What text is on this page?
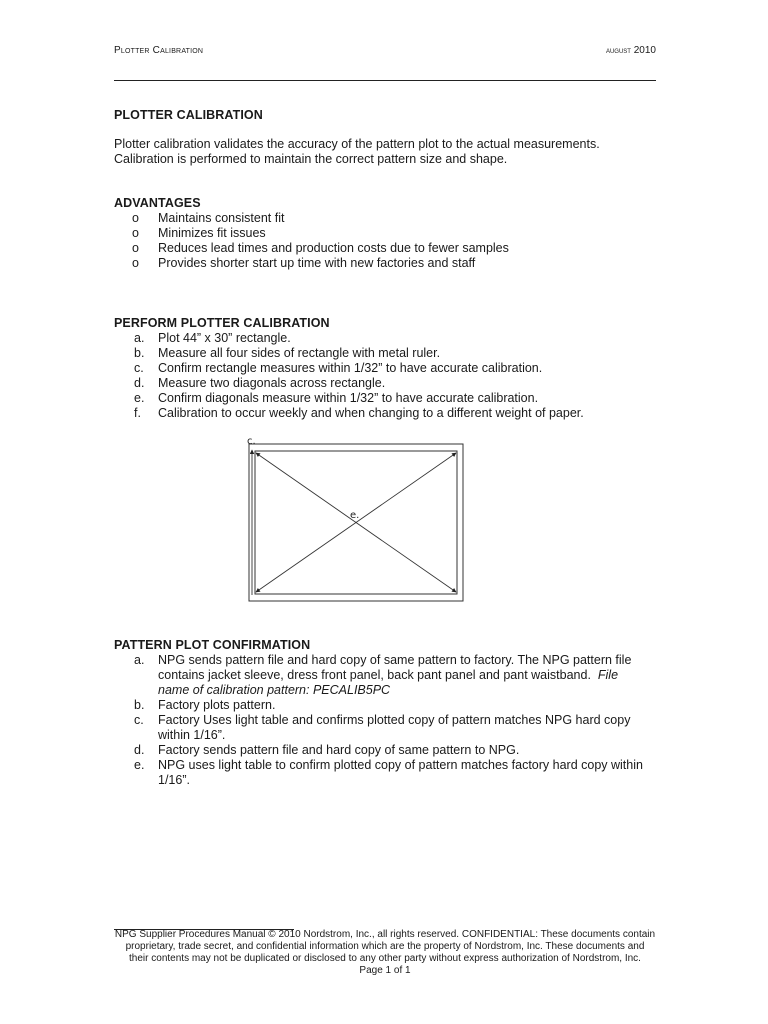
Plotter Calibration	august 2010
PLOTTER CALIBRATION
Plotter calibration validates the accuracy of the pattern plot to the actual measurements.
Calibration is performed to maintain the correct pattern size and shape.
ADVANTAGES
o Maintains consistent fit
o Minimizes fit issues
o Reduces lead times and production costs due to fewer samples
o Provides shorter start up time with new factories and staff
PERFORM PLOTTER CALIBRATION
a. Plot 44” x 30” rectangle.
b. Measure all four sides of rectangle with metal ruler.
c. Confirm rectangle measures within 1/32” to have accurate calibration.
d. Measure two diagonals across rectangle.
e. Confirm diagonals measure within 1/32” to have accurate calibration.
f. Calibration to occur weekly and when changing to a different weight of paper.
c.
e.
PATTERN PLOT CONFIRMATION
a. NPG sends pattern file and hard copy of same pattern to factory. The NPG pattern file
contains jacket sleeve, dress front panel, back pant panel and pant waistband.  File
name of calibration pattern: PECALIB5PC
b. Factory plots pattern.
c. Factory Uses light table and confirms plotted copy of pattern matches NPG hard copy
within 1/16”.
d. Factory sends pattern file and hard copy of same pattern to NPG.
e. NPG uses light table to confirm plotted copy of pattern matches factory hard copy within
1/16”.
NPG Supplier Procedures Manual © 2010 Nordstrom, Inc., all rights reserved. CONFIDENTIAL: These documents contain
proprietary, trade secret, and confidential information which are the property of Nordstrom, Inc. These documents and
their contents may not be duplicated or disclosed to any other party without express authorization of Nordstrom, Inc.
Page 1 of 1
